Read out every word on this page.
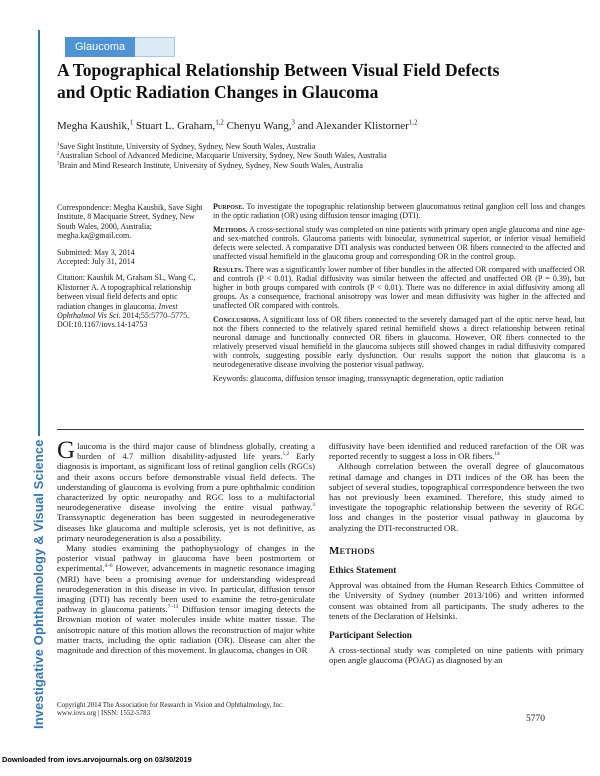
Investigative Ophthalmology & Visual Science
Glaucoma
A Topographical Relationship Between Visual Field Defects
and Optic Radiation Changes in Glaucoma
Megha Kaushik,$^1$ Stuart L. Graham,$^{1,2}$ Chenyu Wang,$^3$ and Alexander Klistorner$^{1,2}$
$^1$Save Sight Institute, University of Sydney, Sydney, New South Wales, Australia
$^2$Australian School of Advanced Medicine, Macquarie University, Sydney, New South Wales, Australia
$^3$Brain and Mind Research Institute, University of Sydney, Sydney, New South Wales, Australia
Correspondence: Megha Kaushik, Save Sight Institute, 8 Macquarie Street, Sydney, New South Wales, 2000, Australia; megha.ka@gmail.com.
Submitted: May 3, 2014
Accepted: July 31, 2014
Citation: Kaushik M, Graham SL, Wang C, Klistorner A. A topographical relationship between visual field defects and optic radiation changes in glaucoma. Invest Ophthalmol Vis Sci. 2014;55:5770–5775. DOI:10.1167/iovs.14-14753
Purpose. To investigate the topographic relationship between glaucomatous retinal ganglion cell loss and changes in the optic radiation (OR) using diffusion tensor imaging (DTI).
Methods. A cross-sectional study was completed on nine patients with primary open angle glaucoma and nine age- and sex-matched controls. Glaucoma patients with binocular, symmetrical superior, or inferior visual hemifield defects were selected. A comparative DTI analysis was conducted between OR fibers connected to the affected and unaffected visual hemifield in the glaucoma group and corresponding OR in the control group.
Results. There was a significantly lower number of fiber bundles in the affected OR compared with unaffected OR and controls (P < 0.01). Radial diffusivity was similar between the affected and unaffected OR (P = 0.39), but higher in both groups compared with controls (P < 0.01). There was no difference in axial diffusivity among all groups. As a consequence, fractional anisotropy was lower and mean diffusivity was higher in the affected and unaffected OR compared with controls.
Conclusions. A significant loss of OR fibers connected to the severely damaged part of the optic nerve head, but not the fibers connected to the relatively spared retinal hemifield shows a direct relationship between retinal neuronal damage and functionally connected OR fibers in glaucoma. However, OR fibers connected to the relatively preserved visual hemifield in the glaucoma subjects still showed changes in radial diffusivity compared with controls, suggesting possible early dysfunction. Our results support the notion that glaucoma is a neurodegenerative disease involving the posterior visual pathway.
Keywords: glaucoma, diffusion tensor imaging, transsynaptic degeneration, optic radiation

Glaucoma is the third major cause of blindness globally, creating a burden of 4.7 million disability-adjusted life years.$^{1,2}$ Early diagnosis is important, as significant loss of retinal ganglion cells (RGCs) and their axons occurs before demonstrable visual field defects. The understanding of glaucoma is evolving from a pure ophthalmic condition characterized by optic neuropathy and RGC loss to a multifactorial neurodegenerative disease involving the entire visual pathway.$^3$ Transsynaptic degeneration has been suggested in neurodegenerative diseases like glaucoma and multiple sclerosis, yet is not definitive, as primary neurodegeneration is also a possibility.

Many studies examining the pathophysiology of changes in the posterior visual pathway in glaucoma have been postmortem or experimental.$^{4-6}$ However, advancements in magnetic resonance imaging (MRI) have been a promising avenue for understanding widespread neurodegeneration in this disease in vivo. In particular, diffusion tensor imaging (DTI) has recently been used to examine the retro-geniculate pathway in glaucoma patients.$^{7-13}$ Diffusion tensor imaging detects the Brownian motion of water molecules inside white matter tissue. The anisotropic nature of this motion allows the reconstruction of major white matter tracts, including the optic radiation (OR). Disease can alter the magnitude and direction of this movement. In glaucoma, changes in OR

diffusivity have been identified and reduced rarefaction of the OR was reported recently to suggest a loss in OR fibers.$^{14}$

Although correlation between the overall degree of glaucomatous retinal damage and changes in DTI indices of the OR has been the subject of several studies, topographical correspondence between the two has not previously been examined. Therefore, this study aimed to investigate the topographic relationship between the severity of RGC loss and changes in the posterior visual pathway in glaucoma by analyzing the DTI-reconstructed OR.

Methods
Ethics Statement

Approval was obtained from the Human Research Ethics Committee of the University of Sydney (number 2013/106) and written informed consent was obtained from all participants. The study adheres to the tenets of the Declaration of Helsinki.

Participant Selection

A cross-sectional study was completed on nine patients with primary open angle glaucoma (POAG) as diagnosed by an

Copyright 2014 The Association for Research in Vision and Ophthalmology, Inc.
www.iovs.org | ISSN: 1552-5783
5770
Downloaded from iovs.arvojournals.org on 03/30/2019
